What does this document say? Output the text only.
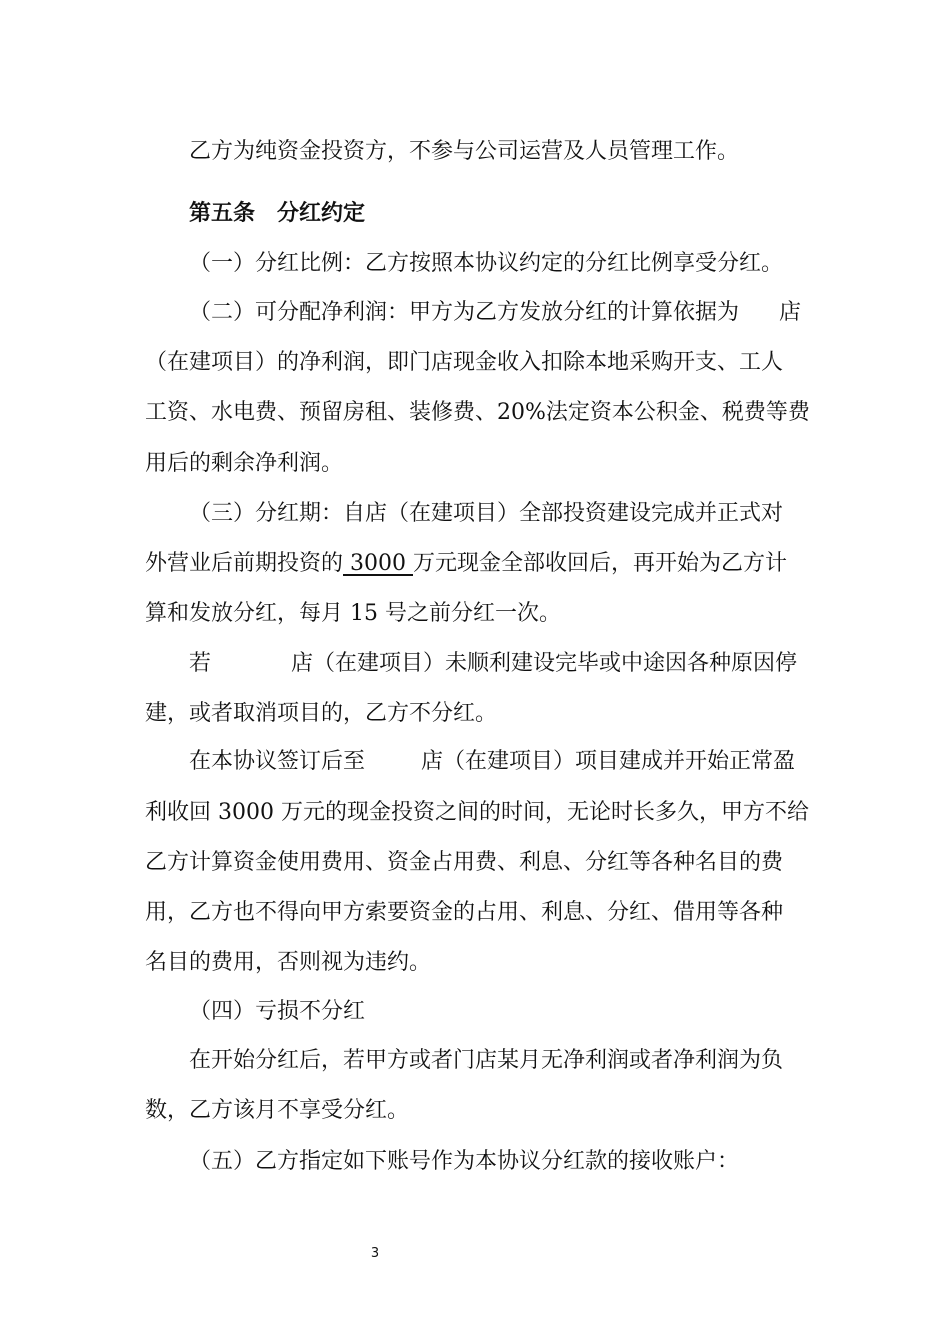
乙方为纯资金投资方，不参与公司运营及人员管理工作。
第五条　分红约定
（一）分红比例：乙方按照本协议约定的分红比例享受分红。
（二）可分配净利润：甲方为乙方发放分红的计算依据为 店
（在建项目）的净利润，即门店现金收入扣除本地采购开支、工人
工资、水电费、预留房租、装修费、20%法定资本公积金、税费等费
用后的剩余净利润。
（三）分红期：自店（在建项目）全部投资建设完成并正式对
外营业后前期投资的 3000 万元现金全部收回后，再开始为乙方计
算和发放分红，每月 15 号之前分红一次。
若	店（在建项目）未顺利建设完毕或中途因各种原因停
建，或者取消项目的，乙方不分红。
在本协议签订后至	店（在建项目）项目建成并开始正常盈
利收回 3000 万元的现金投资之间的时间，无论时长多久，甲方不给
乙方计算资金使用费用、资金占用费、利息、分红等各种名目的费
用，乙方也不得向甲方索要资金的占用、利息、分红、借用等各种
名目的费用，否则视为违约。
（四）亏损不分红
在开始分红后，若甲方或者门店某月无净利润或者净利润为负
数，乙方该月不享受分红。
（五）乙方指定如下账号作为本协议分红款的接收账户：
3
